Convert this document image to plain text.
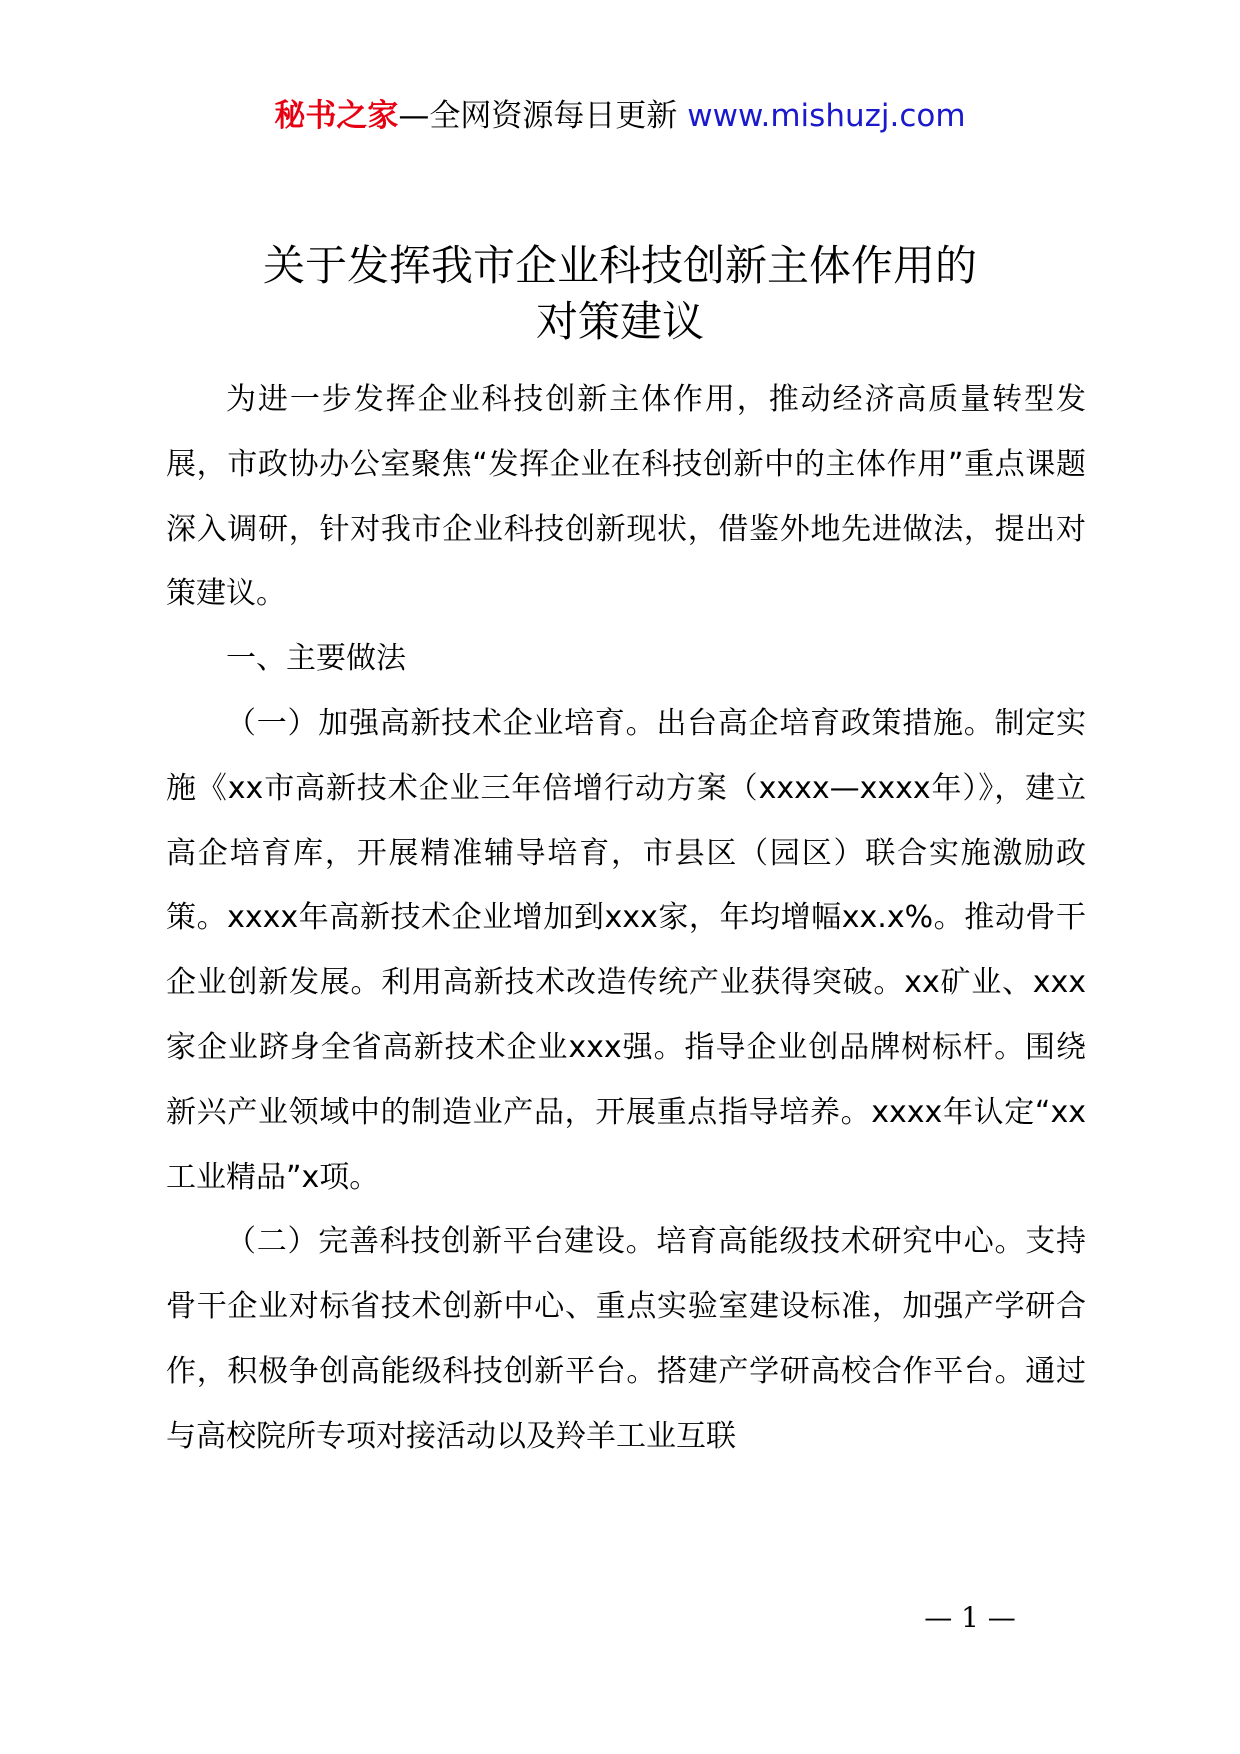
秘书之家—全网资源每日更新 www.mishuzj.com
关于发挥我市企业科技创新主体作用的
对策建议

为进一步发挥企业科技创新主体作用，推动经济高质量转型发展，市政协办公室聚焦“发挥企业在科技创新中的主体作用”重点课题深入调研，针对我市企业科技创新现状，借鉴外地先进做法，提出对策建议。

一、主要做法

（一）加强高新技术企业培育。出台高企培育政策措施。制定实施《xx市高新技术企业三年倍增行动方案（xxxx—xxxx年）》，建立高企培育库，开展精准辅导培育，市县区（园区）联合实施激励政策。xxxx年高新技术企业增加到xxx家，年均增幅xx.x%。推动骨干企业创新发展。利用高新技术改造传统产业获得突破。xx矿业、xxx家企业跻身全省高新技术企业xxx强。指导企业创品牌树标杆。围绕新兴产业领域中的制造业产品，开展重点指导培养。xxxx年认定“xx工业精品”x项。

（二）完善科技创新平台建设。培育高能级技术研究中心。支持骨干企业对标省技术创新中心、重点实验室建设标准，加强产学研合作，积极争创高能级科技创新平台。搭建产学研高校合作平台。通过与高校院所专项对接活动以及羚羊工业互联

— 1 —
